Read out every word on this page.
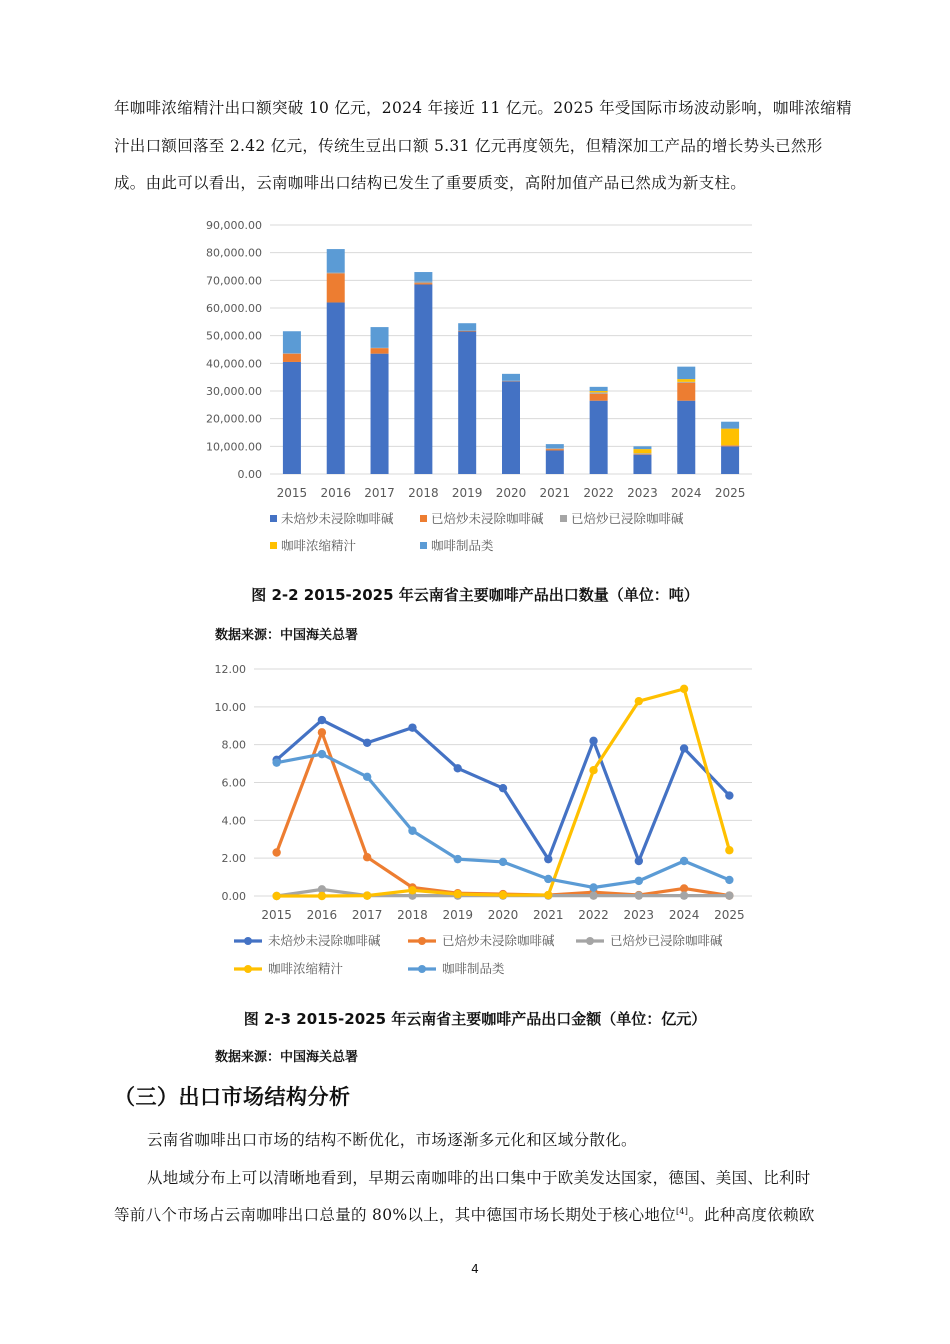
年咖啡浓缩精汁出口额突破 10 亿元，2024 年接近 11 亿元。2025 年受国际市场波动影响，咖啡浓缩精

汁出口额回落至 2.42 亿元，传统生豆出口额 5.31 亿元再度领先，但精深加工产品的增长势头已然形

成。由此可以看出，云南咖啡出口结构已发生了重要质变，高附加值产品已然成为新支柱。

0.00
10,000.00
20,000.00
30,000.00
40,000.00
50,000.00
60,000.00
70,000.00
80,000.00
90,000.00
2015 2016 2017 2018 2019 2020 2021 2022 2023 2024 2025
未焙炒未浸除咖啡碱	已焙炒未浸除咖啡碱 已焙炒已浸除咖啡碱
咖啡浓缩精汁	咖啡制品类

图 2-2 2015-2025 年云南省主要咖啡产品出口数量（单位：吨）

数据来源：中国海关总署

0.00
2.00
4.00
6.00
8.00
10.00
12.00
2015 2016 2017 2018 2019 2020 2021 2022 2023 2024 2025
未焙炒未浸除咖啡碱	已焙炒未浸除咖啡碱	已焙炒已浸除咖啡碱
咖啡浓缩精汁	咖啡制品类

图 2-3 2015-2025 年云南省主要咖啡产品出口金额（单位：亿元）

数据来源：中国海关总署

（三）出口市场结构分析

云南省咖啡出口市场的结构不断优化，市场逐渐多元化和区域分散化。

从地域分布上可以清晰地看到，早期云南咖啡的出口集中于欧美发达国家，德国、美国、比利时

等前八个市场占云南咖啡出口总量的 80%以上，其中德国市场长期处于核心地位[4]。此种高度依赖欧

4
